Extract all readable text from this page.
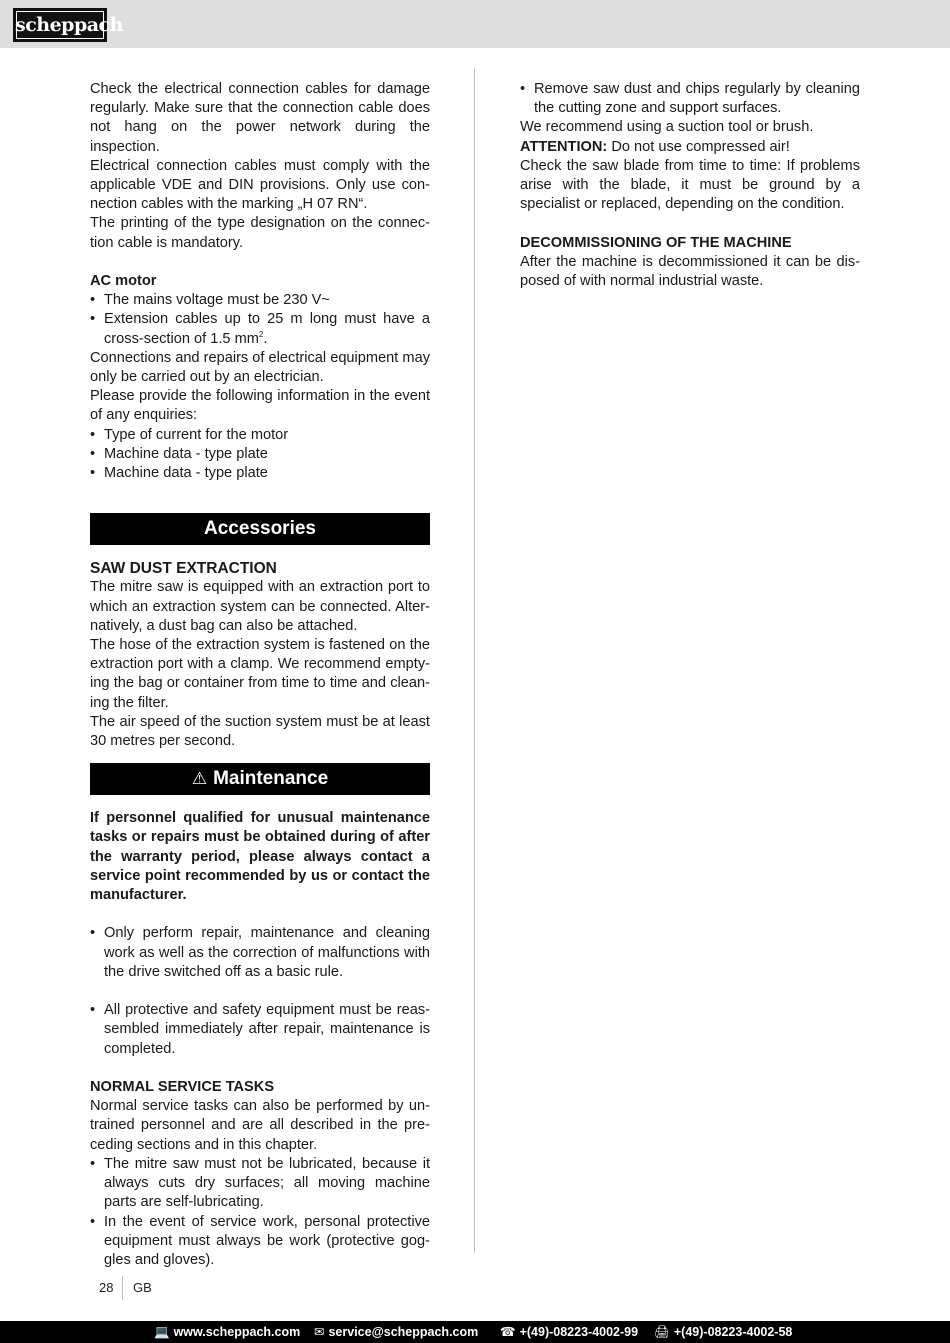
scheppach

Check the electrical connection cables for damage regularly. Make sure that the connection cable does not hang on the power network during the inspection.

Electrical connection cables must comply with the applicable VDE and DIN provisions. Only use connection cables with the marking „H 07 RN“.

The printing of the type designation on the connection cable is mandatory.

AC motor

• The mains voltage must be 230 V~
• Extension cables up to 25 m long must have a cross-section of 1.5 $mm^2$.

Connections and repairs of electrical equipment may only be carried out by an electrician.

Please provide the following information in the event of any enquiries:

• Type of current for the motor
• Machine data - type plate
• Machine data - type plate
Accessories

SAW DUST EXTRACTION

The mitre saw is equipped with an extraction port to which an extraction system can be connected. Alternatively, a dust bag can also be attached.

The hose of the extraction system is fastened on the extraction port with a clamp. We recommend emptying the bag or container from time to time and cleaning the filter.

The air speed of the suction system must be at least 30 metres per second.

⚠ Maintenance

If personnel qualified for unusual maintenance tasks or repairs must be obtained during of after the warranty period, please always contact a service point recommended by us or contact the manufacturer.

• Only perform repair, maintenance and cleaning work as well as the correction of malfunctions with the drive switched off as a basic rule.
• All protective and safety equipment must be reassembled immediately after repair, maintenance is completed.

NORMAL SERVICE TASKS

Normal service tasks can also be performed by untrained personnel and are all described in the preceding sections and in this chapter.

• The mitre saw must not be lubricated, because it always cuts dry surfaces; all moving machine parts are self-lubricating.
• In the event of service work, personal protective equipment must always be work (protective goggles and gloves).
• Remove saw dust and chips regularly by cleaning the cutting zone and support surfaces.

We recommend using a suction tool or brush.

ATTENTION: Do not use compressed air!

Check the saw blade from time to time: If problems arise with the blade, it must be ground by a specialist or replaced, depending on the condition.

DECOMMISSIONING OF THE MACHINE

After the machine is decommissioned it can be disposed of with normal industrial waste.

28 GB
💻 www.scheppach.com ✉ service@scheppach.com ☎ +(49)-08223-4002-99 🖨 +(49)-08223-4002-58
